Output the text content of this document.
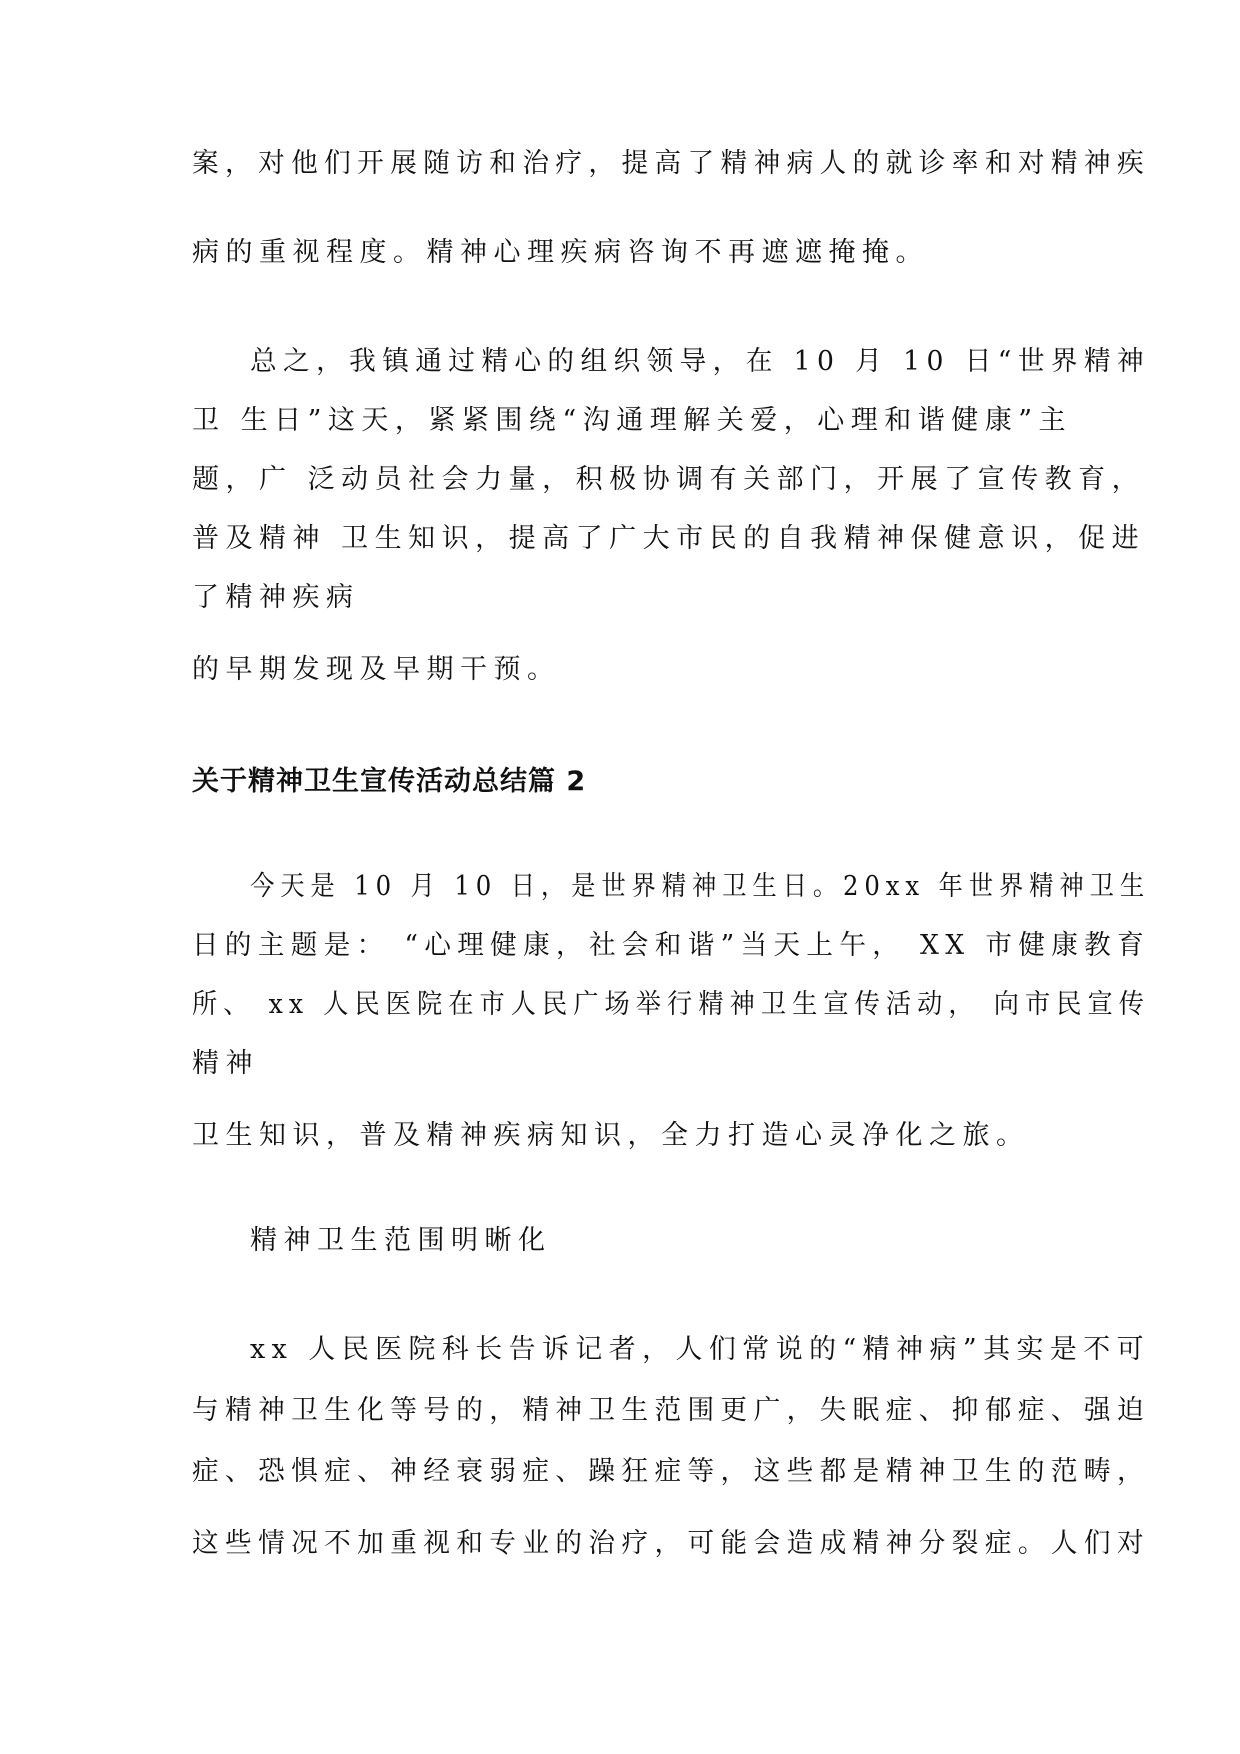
案，对他们开展随访和治疗，提高了精神病人的就诊率和对精神疾
病的重视程度。精神心理疾病咨询不再遮遮掩掩。
总之，我镇通过精心的组织领导，在 10 月 10 日“世界精神
卫 生日”这天，紧紧围绕“沟通理解关爱，心理和谐健康”主
题，广 泛动员社会力量，积极协调有关部门，开展了宣传教育，
普及精神 卫生知识，提高了广大市民的自我精神保健意识，促进
了精神疾病
的早期发现及早期干预。
关于精神卫生宣传活动总结篇 2
今天是 10 月 10 日，是世界精神卫生日。20xx 年世界精神卫生
日的主题是： “心理健康，社会和谐”当天上午， XX 市健康教育
所、 xx 人民医院在市人民广场举行精神卫生宣传活动， 向市民宣传
精神
卫生知识，普及精神疾病知识，全力打造心灵净化之旅。
精神卫生范围明晰化
xx 人民医院科长告诉记者，人们常说的“精神病”其实是不可
与精神卫生化等号的，精神卫生范围更广，失眠症、抑郁症、强迫
症、恐惧症、神经衰弱症、躁狂症等，这些都是精神卫生的范畴，
这些情况不加重视和专业的治疗，可能会造成精神分裂症。人们对
